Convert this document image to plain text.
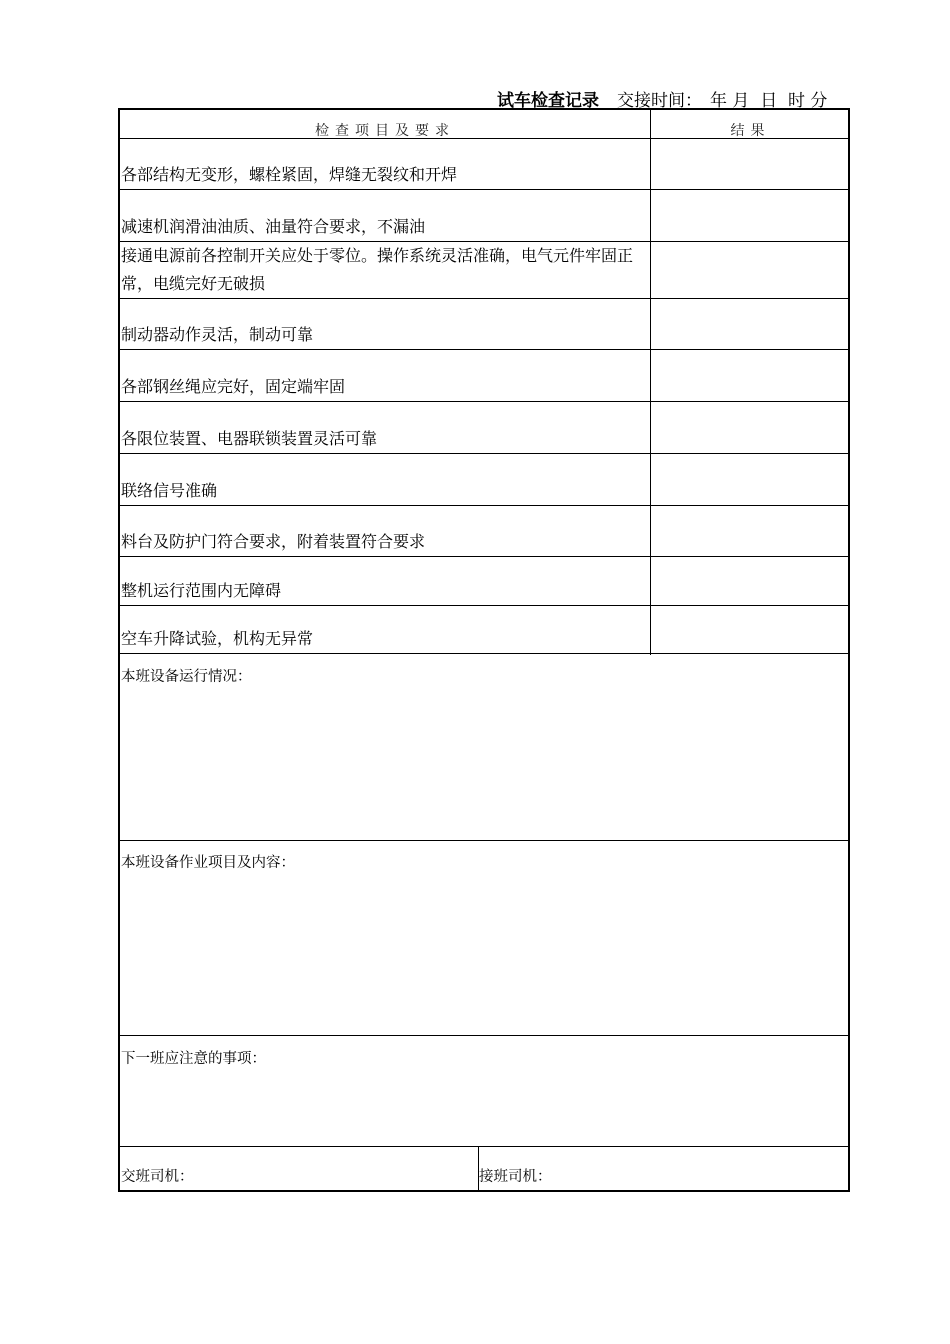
试车检查记录 交接时间： 年 月  日  时 分
检查项目及要求	结果
各部结构无变形，螺栓紧固，焊缝无裂纹和开焊
减速机润滑油油质、油量符合要求，不漏油
接通电源前各控制开关应处于零位。操作系统灵活准确，电气元件牢固正常，电缆完好无破损
制动器动作灵活，制动可靠
各部钢丝绳应完好，固定端牢固
各限位装置、电器联锁装置灵活可靠
联络信号准确
料台及防护门符合要求，附着装置符合要求
整机运行范围内无障碍
空车升降试验，机构无异常
本班设备运行情况：
本班设备作业项目及内容：
下一班应注意的事项：
交班司机：	接班司机：
